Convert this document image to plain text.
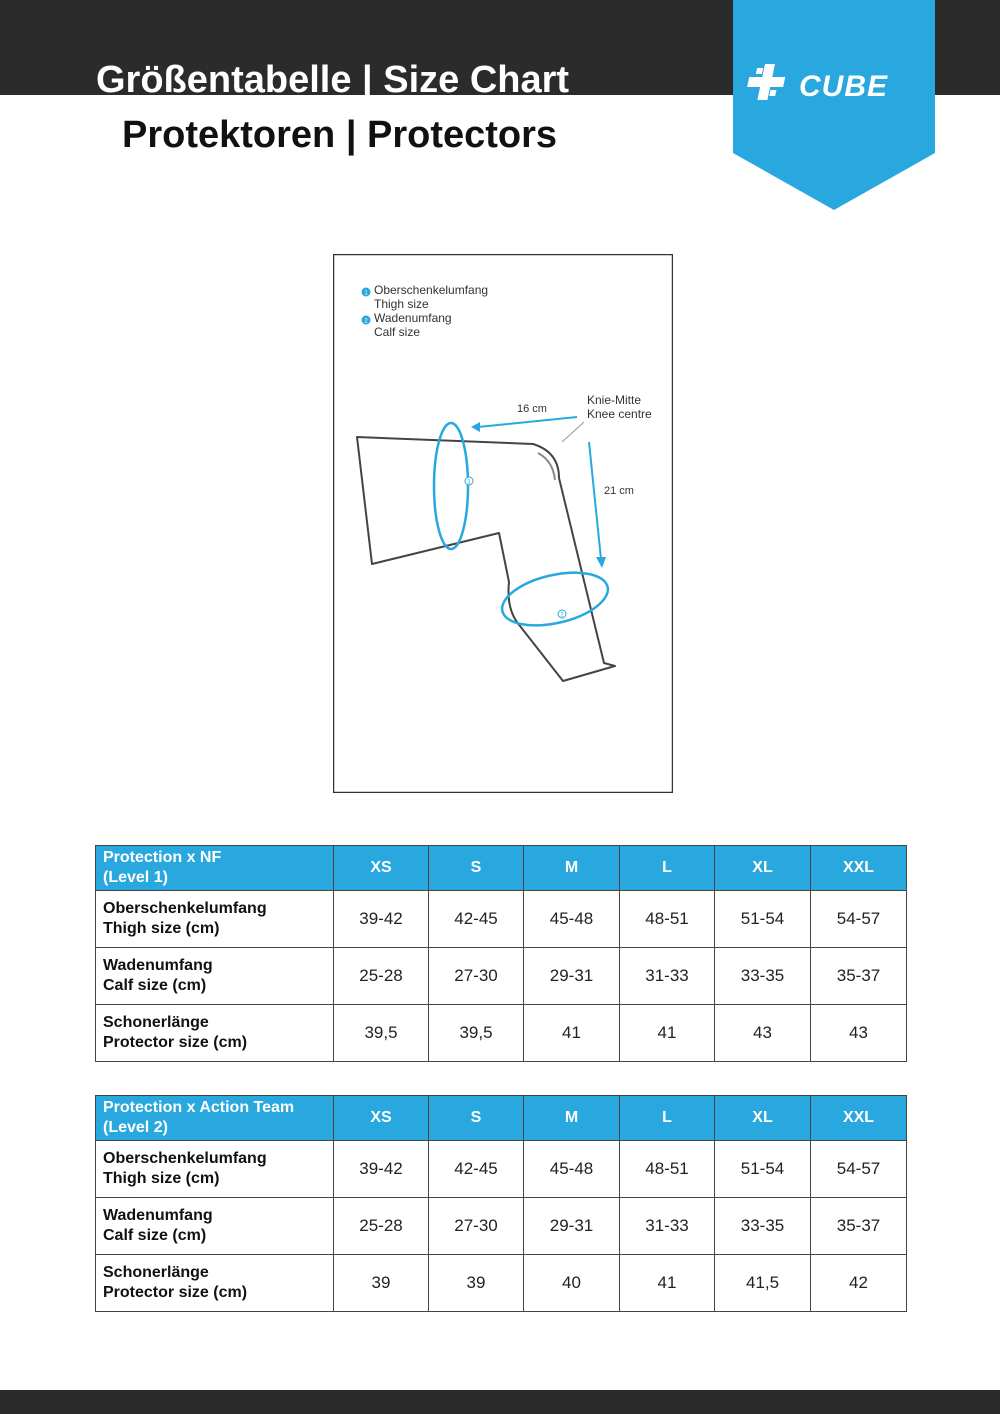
Größentabelle | Size Chart
Protektoren | Protectors
CUBE
1 Oberschenkelumfang
Thigh size
2 Wadenumfang
Calf size
Knie-Mitte
Knee centre
16 cm
21 cm
1
2
Protection x NF
(Level 1)	XS	S	M	L	XL	XXL

Oberschenkelumfang
Thigh size (cm)	39-42	42-45	45-48	48-51	51-54	54-57

Wadenumfang
Calf size (cm)	25-28	27-30	29-31	31-33	33-35	35-37

Schonerlänge
Protector size (cm)	39,5	39,5	41	41	43	43
Protection x Action Team
(Level 2)	XS	S	M	L	XL	XXL

Oberschenkelumfang
Thigh size (cm)	39-42	42-45	45-48	48-51	51-54	54-57

Wadenumfang
Calf size (cm)	25-28	27-30	29-31	31-33	33-35	35-37

Schonerlänge
Protector size (cm)	39	39	40	41	41,5	42
